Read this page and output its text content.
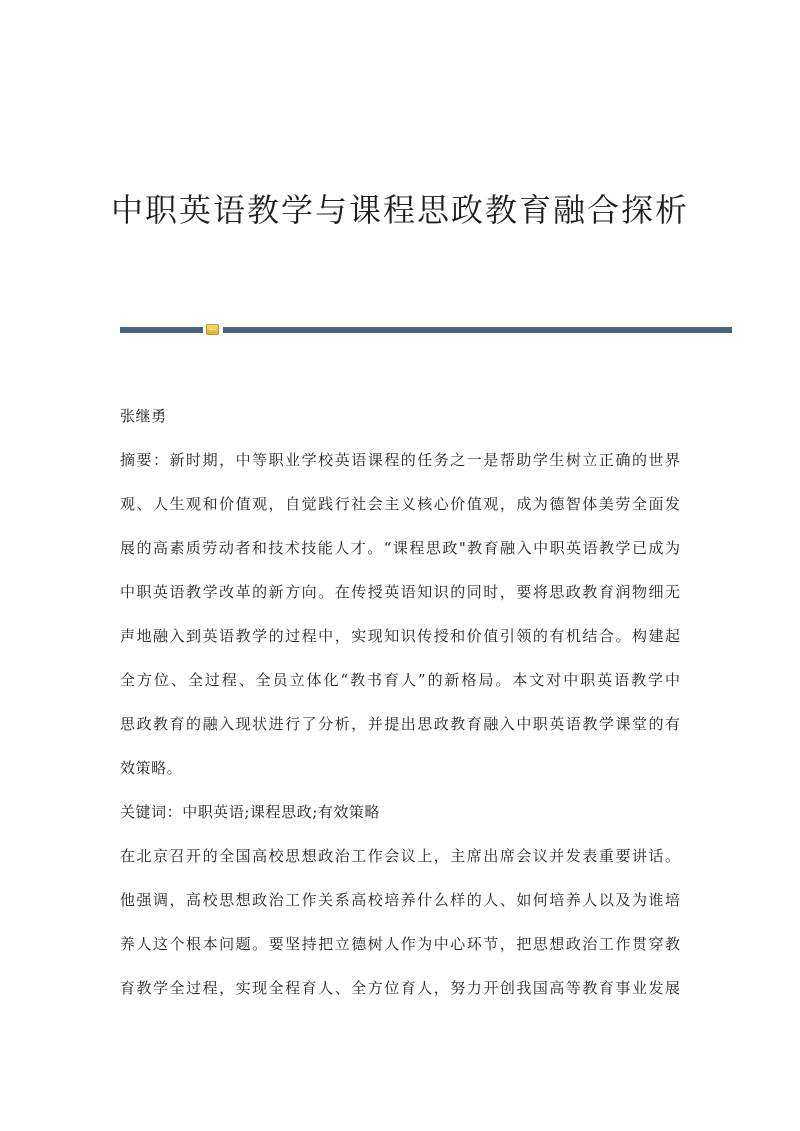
中职英语教学与课程思政教育融合探析
张继勇
摘要：新时期，中等职业学校英语课程的任务之一是帮助学生树立正确的世界
观、人生观和价值观，自觉践行社会主义核心价值观，成为德智体美劳全面发
展的高素质劳动者和技术技能人才。“课程思政"教育融入中职英语教学已成为
中职英语教学改革的新方向。在传授英语知识的同时，要将思政教育润物细无
声地融入到英语教学的过程中，实现知识传授和价值引领的有机结合。构建起
全方位、全过程、全员立体化“教书育人”的新格局。本文对中职英语教学中
思政教育的融入现状进行了分析，并提出思政教育融入中职英语教学课堂的有
效策略。
关键词：中职英语;课程思政;有效策略
在北京召开的全国高校思想政治工作会议上，主席出席会议并发表重要讲话。
他强调，高校思想政治工作关系高校培养什么样的人、如何培养人以及为谁培
养人这个根本问题。要坚持把立德树人作为中心环节，把思想政治工作贯穿教
育教学全过程，实现全程育人、全方位育人，努力开创我国高等教育事业发展
